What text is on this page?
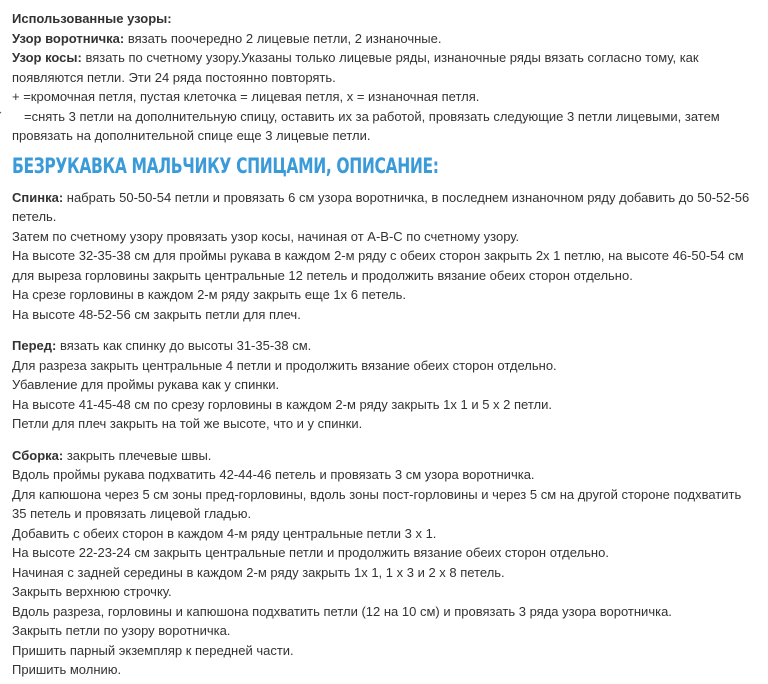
Использованные узоры:
Узор воротничка: вязать поочередно 2 лицевые петли, 2 изнаночные.
Узор косы: вязать по счетному узору.Указаны только лицевые ряды, изнаночные ряды вязать согласно тому, как появляются петли. Эти 24 ряда постоянно повторять.
+ =кромочная петля, пустая клеточка = лицевая петля, x = изнаночная петля.
=снять 3 петли на дополнительную спицу, оставить их за работой, провязать следующие 3 петли лицевыми, затем провязать на дополнительной спице еще 3 лицевые петли.
БЕЗРУКАВКА МАЛЬЧИКУ СПИЦАМИ, ОПИСАНИЕ:
Спинка: набрать 50-50-54 петли и провязать 6 см узора воротничка, в последнем изнаночном ряду добавить до 50-52-56 петель.
Затем по счетному узору провязать узор косы, начиная от A-B-C по счетному узору.
На высоте 32-35-38 см для проймы рукава в каждом 2-м ряду с обеих сторон закрыть 2x 1 петлю, на высоте 46-50-54 см для выреза горловины закрыть центральные 12 петель и продолжить вязание обеих сторон отдельно.
На срезе горловины в каждом 2-м ряду закрыть еще 1x 6 петель.
На высоте 48-52-56 см закрыть петли для плеч.
Перед: вязать как спинку до высоты 31-35-38 см.
Для разреза закрыть центральные 4 петли и продолжить вязание обеих сторон отдельно.
Убавление для проймы рукава как у спинки.
На высоте 41-45-48 см по срезу горловины в каждом 2-м ряду закрыть 1x 1 и 5 x 2 петли.
Петли для плеч закрыть на той же высоте, что и у спинки.
Сборка: закрыть плечевые швы.
Вдоль проймы рукава подхватить 42-44-46 петель и провязать 3 см узора воротничка.
Для капюшона через 5 см зоны пред-горловины, вдоль зоны пост-горловины и через 5 см на другой стороне подхватить 35 петель и провязать лицевой гладью.
Добавить с обеих сторон в каждом 4-м ряду центральные петли 3 x 1.
На высоте 22-23-24 см закрыть центральные петли и продолжить вязание обеих сторон отдельно.
Начиная с задней середины в каждом 2-м ряду закрыть 1x 1, 1 x 3 и 2 x 8 петель.
Закрыть верхнюю строчку.
Вдоль разреза, горловины и капюшона подхватить петли (12 на 10 см) и провязать 3 ряда узора воротничка.
Закрыть петли по узору воротничка.
Пришить парный экземпляр к передней части.
Пришить молнию.
